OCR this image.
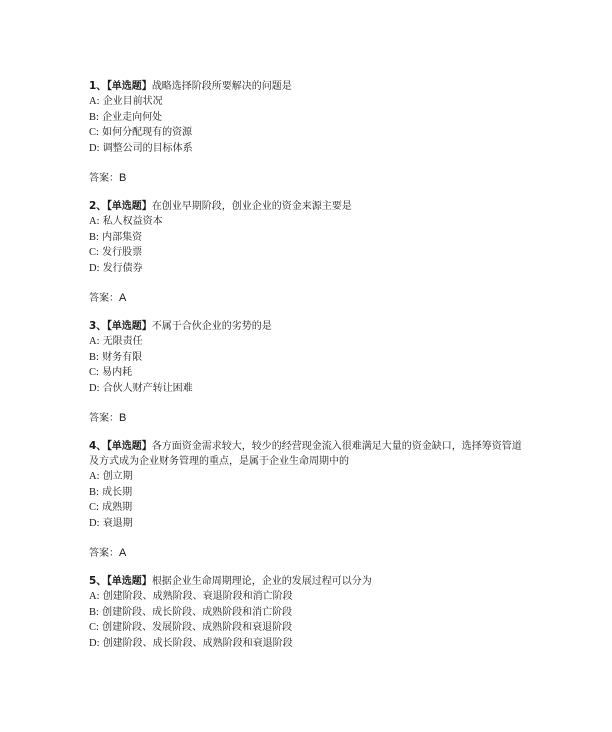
1、【单选题】战略选择阶段所要解决的问题是
A: 企业目前状况
B: 企业走向何处
C: 如何分配现有的资源
D: 调整公司的目标体系
答案：B
2、【单选题】在创业早期阶段，创业企业的资金来源主要是
A: 私人权益资本
B: 内部集资
C: 发行股票
D: 发行债券
答案：A
3、【单选题】不属于合伙企业的劣势的是
A: 无限责任
B: 财务有限
C: 易内耗
D: 合伙人财产转让困难
答案：B
4、【单选题】各方面资金需求较大，较少的经营现金流入很难满足大量的资金缺口，选择筹资管道及方式成为企业财务管理的重点，是属于企业生命周期中的
A: 创立期
B: 成长期
C: 成熟期
D: 衰退期
答案：A
5、【单选题】根据企业生命周期理论，企业的发展过程可以分为
A: 创建阶段、成熟阶段、衰退阶段和消亡阶段
B: 创建阶段、成长阶段、成熟阶段和消亡阶段
C: 创建阶段、发展阶段、成熟阶段和衰退阶段
D: 创建阶段、成长阶段、成熟阶段和衰退阶段
